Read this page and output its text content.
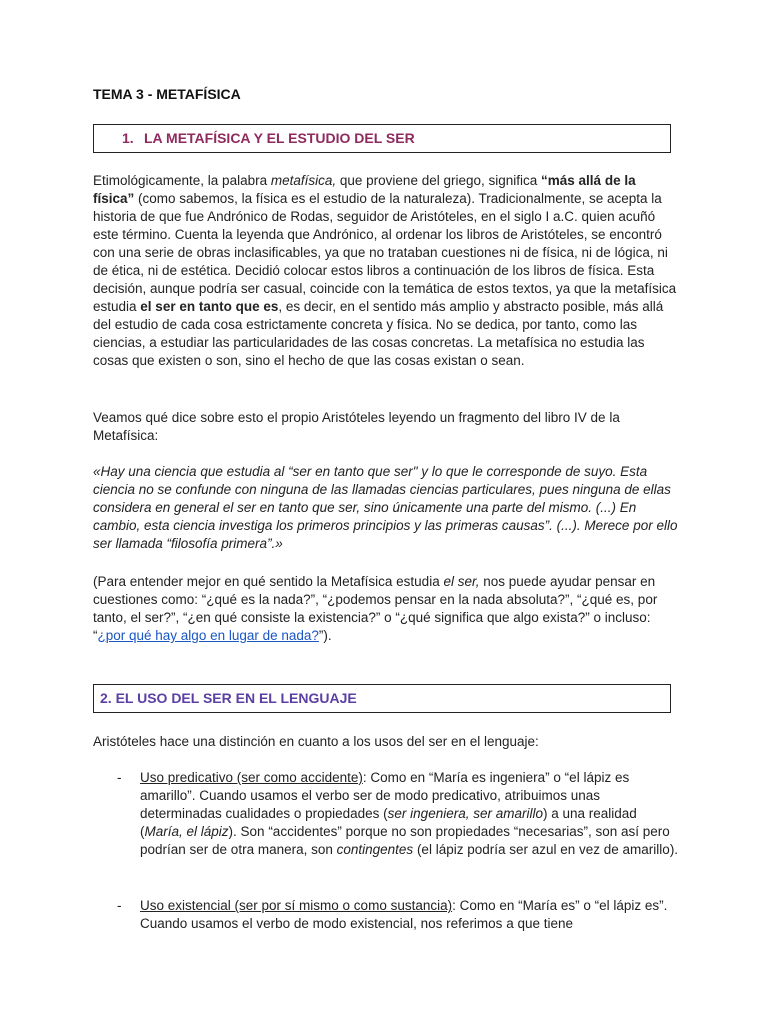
TEMA 3 - METAFÍSICA
1. LA METAFÍSICA Y EL ESTUDIO DEL SER

Etimológicamente, la palabra metafísica, que proviene del griego, significa “más allá de la física” (como sabemos, la física es el estudio de la naturaleza). Tradicionalmente, se acepta la historia de que fue Andrónico de Rodas, seguidor de Aristóteles, en el siglo I a.C. quien acuñó este término. Cuenta la leyenda que Andrónico, al ordenar los libros de Aristóteles, se encontró con una serie de obras inclasificables, ya que no trataban cuestiones ni de física, ni de lógica, ni de ética, ni de estética. Decidió colocar estos libros a continuación de los libros de física. Esta decisión, aunque podría ser casual, coincide con la temática de estos textos, ya que la metafísica estudia el ser en tanto que es, es decir, en el sentido más amplio y abstracto posible, más allá del estudio de cada cosa estrictamente concreta y física. No se dedica, por tanto, como las ciencias, a estudiar las particularidades de las cosas concretas. La metafísica no estudia las cosas que existen o son, sino el hecho de que las cosas existan o sean.

Veamos qué dice sobre esto el propio Aristóteles leyendo un fragmento del libro IV de la Metafísica:

«Hay una ciencia que estudia al “ser en tanto que ser" y lo que le corresponde de suyo. Esta ciencia no se confunde con ninguna de las llamadas ciencias particulares, pues ninguna de ellas considera en general el ser en tanto que ser, sino únicamente una parte del mismo. (...) En cambio, esta ciencia investiga los primeros principios y las primeras causas”. (...). Merece por ello ser llamada “filosofía primera”.»

(Para entender mejor en qué sentido la Metafísica estudia el ser, nos puede ayudar pensar en cuestiones como: “¿qué es la nada?”, “¿podemos pensar en la nada absoluta?”, “¿qué es, por tanto, el ser?”, “¿en qué consiste la existencia?” o “¿qué significa que algo exista?” o incluso: “¿por qué hay algo en lugar de nada?”).

2. EL USO DEL SER EN EL LENGUAJE

Aristóteles hace una distinción en cuanto a los usos del ser en el lenguaje:

- Uso predicativo (ser como accidente): Como en “María es ingeniera” o “el lápiz es amarillo”. Cuando usamos el verbo ser de modo predicativo, atribuimos unas determinadas cualidades o propiedades (ser ingeniera, ser amarillo) a una realidad (María, el lápiz). Son “accidentes” porque no son propiedades “necesarias”, son así pero podrían ser de otra manera, son contingentes (el lápiz podría ser azul en vez de amarillo).
- Uso existencial (ser por sí mismo o como sustancia): Como en “María es” o “el lápiz es”. Cuando usamos el verbo de modo existencial, nos referimos a que tiene
